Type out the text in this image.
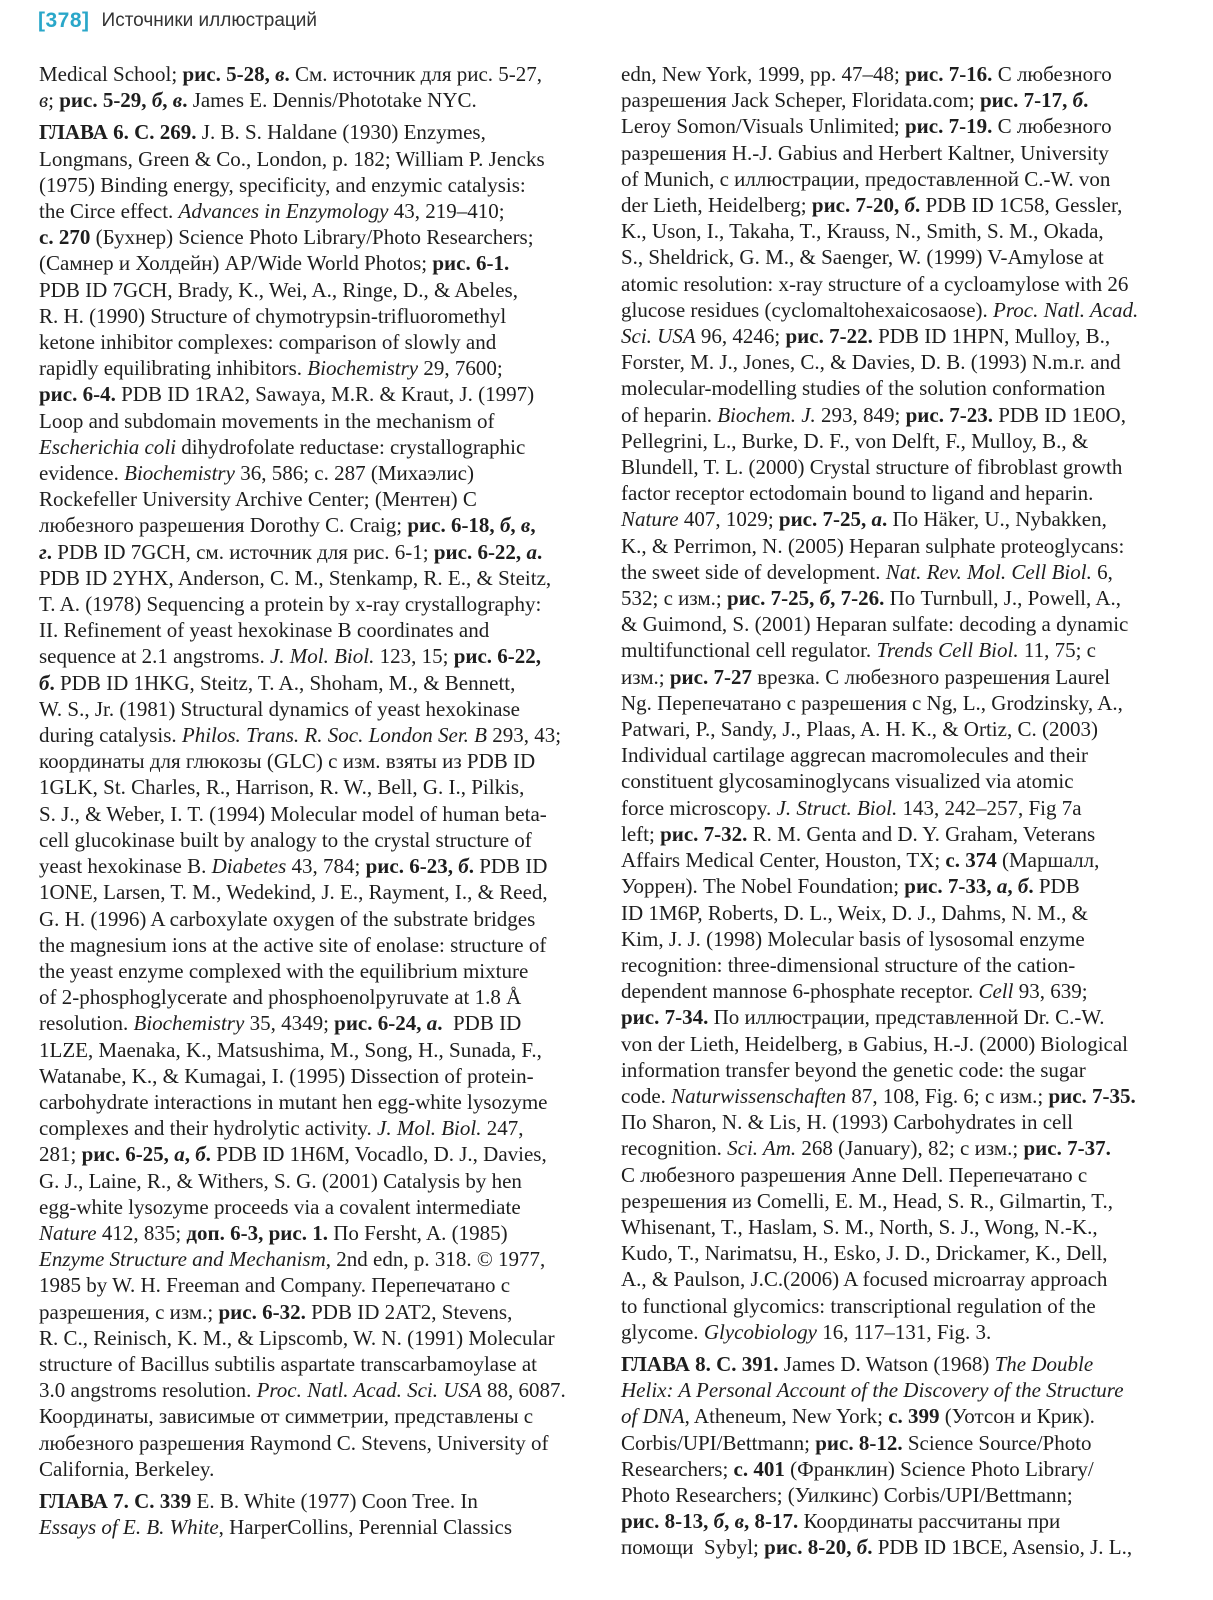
[378] Источники иллюстраций
Medical School; рис. 5-28, в. См. источник для рис. 5-27,
в; рис. 5-29, б, в. James E. Dennis/Phototake NYC.
ГЛАВА 6. С. 269. J. B. S. Haldane (1930) Enzymes,
Longmans, Green & Co., London, p. 182; William P. Jencks
(1975) Binding energy, specificity, and enzymic catalysis:
the Circe effect. Advances in Enzymology 43, 219–410;
с. 270 (Бухнер) Science Photo Library/Photo Researchers;
(Самнер и Холдейн) AP/Wide World Photos; рис. 6-1.
PDB ID 7GCH, Brady, K., Wei, A., Ringe, D., & Abeles,
R. H. (1990) Structure of chymotrypsin-trifluoromethyl
ketone inhibitor complexes: comparison of slowly and
rapidly equilibrating inhibitors. Biochemistry 29, 7600;
рис. 6-4. PDB ID 1RA2, Sawaya, M.R. & Kraut, J. (1997)
Loop and subdomain movements in the mechanism of
Escherichia coli dihydrofolate reductase: crystallographic
evidence. Biochemistry 36, 586; с. 287 (Михаэлис)
Rockefeller University Archive Center; (Ментен) С
любезного разрешения Dorothy C. Craig; рис. 6-18, б, в,
г. PDB ID 7GCH, см. источник для рис. 6-1; рис. 6-22, а.
PDB ID 2YHX, Anderson, C. M., Stenkamp, R. E., & Steitz,
T. A. (1978) Sequencing a protein by x-ray crystallography:
II. Refinement of yeast hexokinase B coordinates and
sequence at 2.1 angstroms. J. Mol. Biol. 123, 15; рис. 6-22,
б. PDB ID 1HKG, Steitz, T. A., Shoham, M., & Bennett,
W. S., Jr. (1981) Structural dynamics of yeast hexokinase
during catalysis. Philos. Trans. R. Soc. London Ser. B 293, 43;
координаты для глюкозы (GLC) с изм. взяты из PDB ID
1GLK, St. Charles, R., Harrison, R. W., Bell, G. I., Pilkis,
S. J., & Weber, I. T. (1994) Molecular model of human beta-
cell glucokinase built by analogy to the crystal structure of
yeast hexokinase B. Diabetes 43, 784; рис. 6-23, б. PDB ID
1ONE, Larsen, T. M., Wedekind, J. E., Rayment, I., & Reed,
G. H. (1996) A carboxylate oxygen of the substrate bridges
the magnesium ions at the active site of enolase: structure of
the yeast enzyme complexed with the equilibrium mixture
of 2-phosphoglycerate and phosphoenolpyruvate at 1.8 Å
resolution. Biochemistry 35, 4349; рис. 6-24, а.  PDB ID
1LZE, Maenaka, K., Matsushima, M., Song, H., Sunada, F.,
Watanabe, K., & Kumagai, I. (1995) Dissection of protein-
carbohydrate interactions in mutant hen egg-white lysozyme
complexes and their hydrolytic activity. J. Mol. Biol. 247,
281; рис. 6-25, а, б. PDB ID 1H6M, Vocadlo, D. J., Davies,
G. J., Laine, R., & Withers, S. G. (2001) Catalysis by hen
egg-white lysozyme proceeds via a covalent intermediate
Nature 412, 835; доп. 6-3, рис. 1. По Fersht, A. (1985)
Enzyme Structure and Mechanism, 2nd edn, p. 318. © 1977,
1985 by W. H. Freeman and Company. Перепечатано с
разрешения, с изм.; рис. 6-32. PDB ID 2AT2, Stevens,
R. C., Reinisch, K. M., & Lipscomb, W. N. (1991) Molecular
structure of Bacillus subtilis aspartate transcarbamoylase at
3.0 angstroms resolution. Proc. Natl. Acad. Sci. USA 88, 6087.
Координаты, зависимые от симметрии, представлены с
любезного разрешения Raymond C. Stevens, University of
California, Berkeley.
ГЛАВА 7. С. 339 E. B. White (1977) Coon Tree. In
Essays of E. B. White, HarperCollins, Perennial Classics
edn, New York, 1999, pp. 47–48; рис. 7-16. С любезного
разрешения Jack Scheper, Floridata.com; рис. 7-17, б.
Leroy Somon/Visuals Unlimited; рис. 7-19. С любезного
разрешения H.-J. Gabius and Herbert Kaltner, University
of Munich, с иллюстрации, предоставленной C.-W. von
der Lieth, Heidelberg; рис. 7-20, б. PDB ID 1C58, Gessler,
K., Uson, I., Takaha, T., Krauss, N., Smith, S. M., Okada,
S., Sheldrick, G. M., & Saenger, W. (1999) V-Amylose at
atomic resolution: x-ray structure of a cycloamylose with 26
glucose residues (cyclomaltohexaicosaose). Proc. Natl. Acad.
Sci. USA 96, 4246; рис. 7-22. PDB ID 1HPN, Mulloy, B.,
Forster, M. J., Jones, C., & Davies, D. B. (1993) N.m.r. and
molecular-modelling studies of the solution conformation
of heparin. Biochem. J. 293, 849; рис. 7-23. PDB ID 1E0O,
Pellegrini, L., Burke, D. F., von Delft, F., Mulloy, B., &
Blundell, T. L. (2000) Crystal structure of fibroblast growth
factor receptor ectodomain bound to ligand and heparin.
Nature 407, 1029; рис. 7-25, а. По Häker, U., Nybakken,
K., & Perrimon, N. (2005) Heparan sulphate proteoglycans:
the sweet side of development. Nat. Rev. Mol. Cell Biol. 6,
532; с изм.; рис. 7-25, б, 7-26. По Turnbull, J., Powell, A.,
& Guimond, S. (2001) Heparan sulfate: decoding a dynamic
multifunctional cell regulator. Trends Cell Biol. 11, 75; с
изм.; рис. 7-27 врезка. С любезного разрешения Laurel
Ng. Перепечатано с разрешения с Ng, L., Grodzinsky, A.,
Patwari, P., Sandy, J., Plaas, A. H. K., & Ortiz, C. (2003)
Individual cartilage aggrecan macromolecules and their
constituent glycosaminoglycans visualized via atomic
force microscopy. J. Struct. Biol. 143, 242–257, Fig 7a
left; рис. 7-32. R. M. Genta and D. Y. Graham, Veterans
Affairs Medical Center, Houston, TX; с. 374 (Маршалл,
Уоррен). The Nobel Foundation; рис. 7-33, а, б. PDB
ID 1M6P, Roberts, D. L., Weix, D. J., Dahms, N. M., &
Kim, J. J. (1998) Molecular basis of lysosomal enzyme
recognition: three-dimensional structure of the cation-
dependent mannose 6-phosphate receptor. Cell 93, 639;
рис. 7-34. По иллюстрации, представленной Dr. C.-W.
von der Lieth, Heidelberg, в Gabius, H.-J. (2000) Biological
information transfer beyond the genetic code: the sugar
code. Naturwissenschaften 87, 108, Fig. 6; с изм.; рис. 7-35.
По Sharon, N. & Lis, H. (1993) Carbohydrates in cell
recognition. Sci. Am. 268 (January), 82; с изм.; рис. 7-37.
С любезного разрешения Anne Dell. Перепечатано с
резрешения из Comelli, E. M., Head, S. R., Gilmartin, T.,
Whisenant, T., Haslam, S. M., North, S. J., Wong, N.-K.,
Kudo, T., Narimatsu, H., Esko, J. D., Drickamer, K., Dell,
A., & Paulson, J.C.(2006) A focused microarray approach
to functional glycomics: transcriptional regulation of the
glycome. Glycobiology 16, 117–131, Fig. 3.
ГЛАВА 8. С. 391. James D. Watson (1968) The Double
Helix: A Personal Account of the Discovery of the Structure
of DNA, Atheneum, New York; с. 399 (Уотсон и Крик).
Corbis/UPI/Bettmann; рис. 8-12. Science Source/Photo
Researchers; с. 401 (Франклин) Science Photo Library/
Photo Researchers; (Уилкинс) Corbis/UPI/Bettmann;
рис. 8-13, б, в, 8-17. Координаты рассчитаны при
помощи  Sybyl; рис. 8-20, б. PDB ID 1BCE, Asensio, J. L.,
